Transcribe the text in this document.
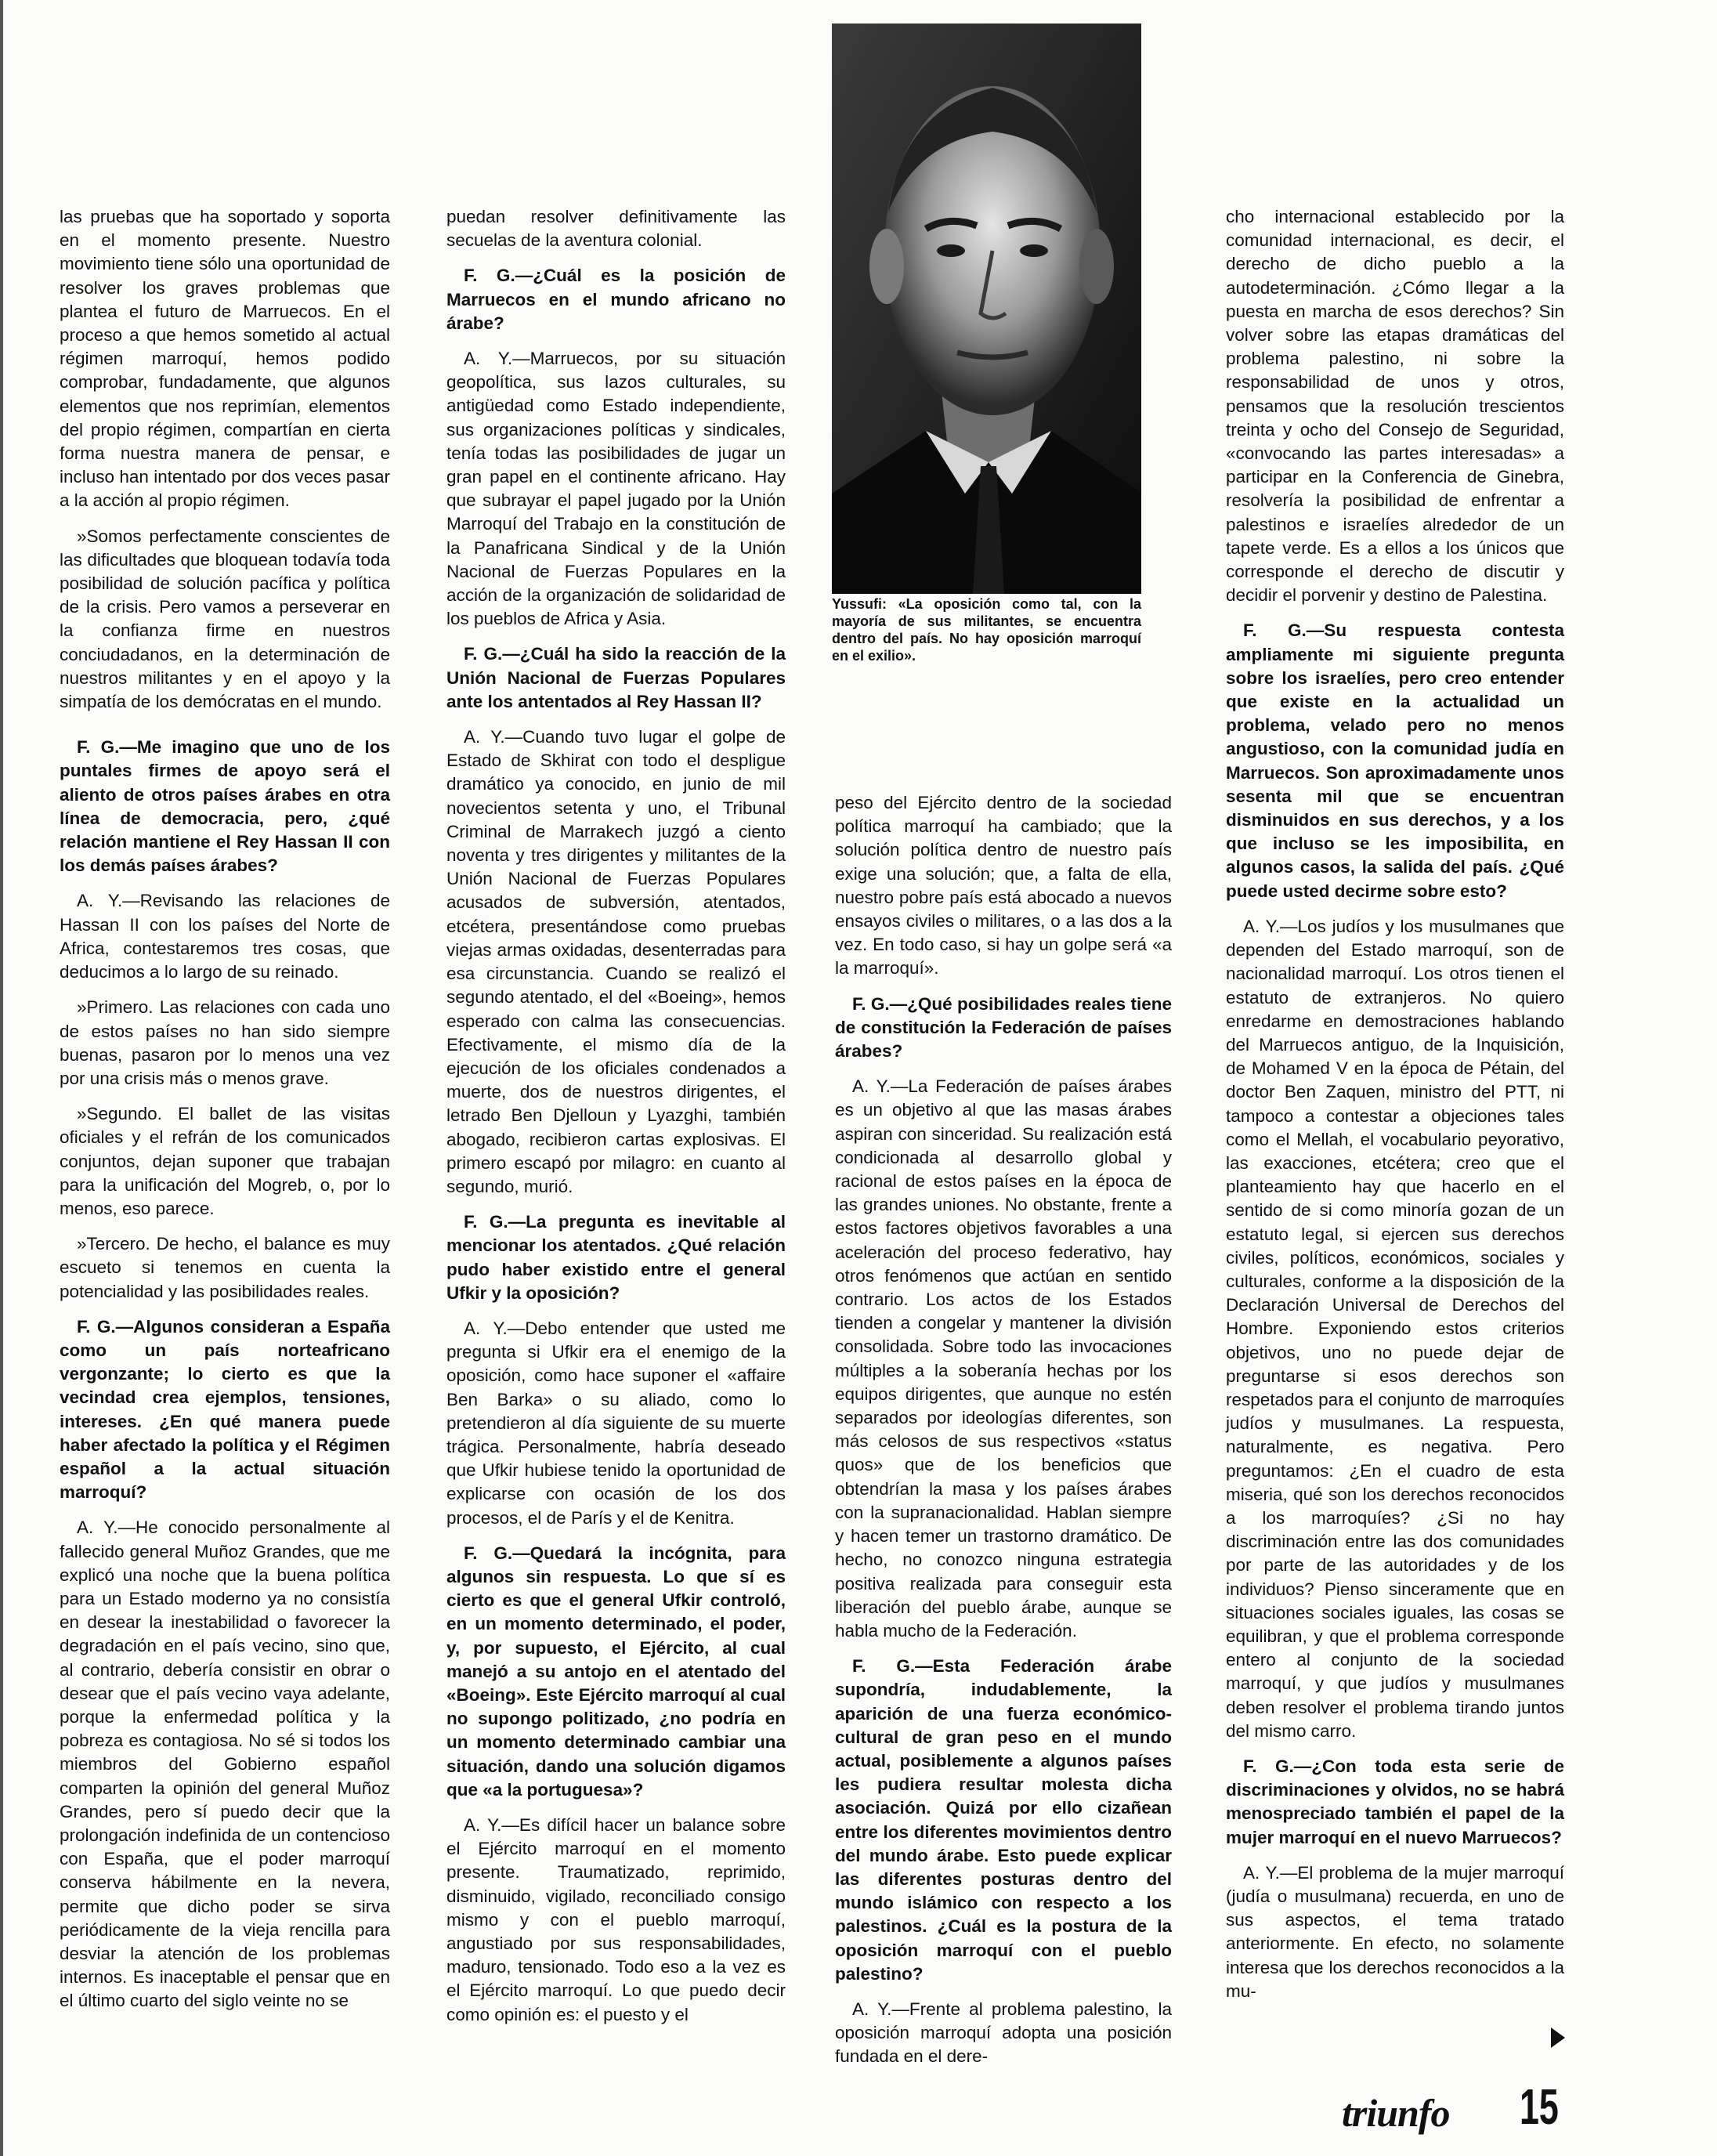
las pruebas que ha soportado y soporta en el momento presente. Nuestro movimiento tiene sólo una oportunidad de resolver los graves problemas que plantea el futuro de Marruecos. En el proceso a que hemos sometido al actual régimen marroquí, hemos podido comprobar, fundadamente, que algunos elementos que nos reprimían, elementos del propio régimen, compartían en cierta forma nuestra manera de pensar, e incluso han intentado por dos veces pasar a la acción al propio régimen.

»Somos perfectamente conscientes de las dificultades que bloquean todavía toda posibilidad de solución pacífica y política de la crisis. Pero vamos a perseverar en la confianza firme en nuestros conciudadanos, en la determinación de nuestros militantes y en el apoyo y la simpatía de los demócratas en el mundo.

F. G.—Me imagino que uno de los puntales firmes de apoyo será el aliento de otros países árabes en otra línea de democracia, pero, ¿qué relación mantiene el Rey Hassan II con los demás países árabes?

A. Y.—Revisando las relaciones de Hassan II con los países del Norte de Africa, contestaremos tres cosas, que deducimos a lo largo de su reinado.

»Primero. Las relaciones con cada uno de estos países no han sido siempre buenas, pasaron por lo menos una vez por una crisis más o menos grave.

»Segundo. El ballet de las visitas oficiales y el refrán de los comunicados conjuntos, dejan suponer que trabajan para la unificación del Mogreb, o, por lo menos, eso parece.

»Tercero. De hecho, el balance es muy escueto si tenemos en cuenta la potencialidad y las posibilidades reales.

F. G.—Algunos consideran a España como un país norteafricano vergonzante; lo cierto es que la vecindad crea ejemplos, tensiones, intereses. ¿En qué manera puede haber afectado la política y el Régimen español a la actual situación marroquí?

A. Y.—He conocido personalmente al fallecido general Muñoz Grandes, que me explicó una noche que la buena política para un Estado moderno ya no consistía en desear la inestabilidad o favorecer la degradación en el país vecino, sino que, al contrario, debería consistir en obrar o desear que el país vecino vaya adelante, porque la enfermedad política y la pobreza es contagiosa. No sé si todos los miembros del Gobierno español comparten la opinión del general Muñoz Grandes, pero sí puedo decir que la prolongación indefinida de un contencioso con España, que el poder marroquí conserva hábilmente en la nevera, permite que dicho poder se sirva periódicamente de la vieja rencilla para desviar la atención de los problemas internos. Es inaceptable el pensar que en el último cuarto del siglo veinte no se

puedan resolver definitivamente las secuelas de la aventura colonial.

F. G.—¿Cuál es la posición de Marruecos en el mundo africano no árabe?

A. Y.—Marruecos, por su situación geopolítica, sus lazos culturales, su antigüedad como Estado independiente, sus organizaciones políticas y sindicales, tenía todas las posibilidades de jugar un gran papel en el continente africano. Hay que subrayar el papel jugado por la Unión Marroquí del Trabajo en la constitución de la Panafricana Sindical y de la Unión Nacional de Fuerzas Populares en la acción de la organización de solidaridad de los pueblos de Africa y Asia.

F. G.—¿Cuál ha sido la reacción de la Unión Nacional de Fuerzas Populares ante los antentados al Rey Hassan II?

A. Y.—Cuando tuvo lugar el golpe de Estado de Skhirat con todo el despligue dramático ya conocido, en junio de mil novecientos setenta y uno, el Tribunal Criminal de Marrakech juzgó a ciento noventa y tres dirigentes y militantes de la Unión Nacional de Fuerzas Populares acusados de subversión, atentados, etcétera, presentándose como pruebas viejas armas oxidadas, desenterradas para esa circunstancia. Cuando se realizó el segundo atentado, el del «Boeing», hemos esperado con calma las consecuencias. Efectivamente, el mismo día de la ejecución de los oficiales condenados a muerte, dos de nuestros dirigentes, el letrado Ben Djelloun y Lyazghi, también abogado, recibieron cartas explosivas. El primero escapó por milagro: en cuanto al segundo, murió.

F. G.—La pregunta es inevitable al mencionar los atentados. ¿Qué relación pudo haber existido entre el general Ufkir y la oposición?

A. Y.—Debo entender que usted me pregunta si Ufkir era el enemigo de la oposición, como hace suponer el «affaire Ben Barka» o su aliado, como lo pretendieron al día siguiente de su muerte trágica. Personalmente, habría deseado que Ufkir hubiese tenido la oportunidad de explicarse con ocasión de los dos procesos, el de París y el de Kenitra.

F. G.—Quedará la incógnita, para algunos sin respuesta. Lo que sí es cierto es que el general Ufkir controló, en un momento determinado, el poder, y, por supuesto, el Ejército, al cual manejó a su antojo en el atentado del «Boeing». Este Ejército marroquí al cual no supongo politizado, ¿no podría en un momento determinado cambiar una situación, dando una solución digamos que «a la portuguesa»?

A. Y.—Es difícil hacer un balance sobre el Ejército marroquí en el momento presente. Traumatizado, reprimido, disminuido, vigilado, reconciliado consigo mismo y con el pueblo marroquí, angustiado por sus responsabilidades, maduro, tensionado. Todo eso a la vez es el Ejército marroquí. Lo que puedo decir como opinión es: el puesto y el

Yussufi: «La oposición como tal, con la mayoría de sus militantes, se encuentra dentro del país. No hay oposición marroquí en el exilio».

peso del Ejército dentro de la sociedad política marroquí ha cambiado; que la solución política dentro de nuestro país exige una solución; que, a falta de ella, nuestro pobre país está abocado a nuevos ensayos civiles o militares, o a las dos a la vez. En todo caso, si hay un golpe será «a la marroquí».

F. G.—¿Qué posibilidades reales tiene de constitución la Federación de países árabes?

A. Y.—La Federación de países árabes es un objetivo al que las masas árabes aspiran con sinceridad. Su realización está condicionada al desarrollo global y racional de estos países en la época de las grandes uniones. No obstante, frente a estos factores objetivos favorables a una aceleración del proceso federativo, hay otros fenómenos que actúan en sentido contrario. Los actos de los Estados tienden a congelar y mantener la división consolidada. Sobre todo las invocaciones múltiples a la soberanía hechas por los equipos dirigentes, que aunque no estén separados por ideologías diferentes, son más celosos de sus respectivos «status quos» que de los beneficios que obtendrían la masa y los países árabes con la supranacionalidad. Hablan siempre y hacen temer un trastorno dramático. De hecho, no conozco ninguna estrategia positiva realizada para conseguir esta liberación del pueblo árabe, aunque se habla mucho de la Federación.

F. G.—Esta Federación árabe supondría, indudablemente, la aparición de una fuerza económico-cultural de gran peso en el mundo actual, posiblemente a algunos países les pudiera resultar molesta dicha asociación. Quizá por ello cizañean entre los diferentes movimientos dentro del mundo árabe. Esto puede explicar las diferentes posturas dentro del mundo islámico con respecto a los palestinos. ¿Cuál es la postura de la oposición marroquí con el pueblo palestino?

A. Y.—Frente al problema palestino, la oposición marroquí adopta una posición fundada en el dere-

cho internacional establecido por la comunidad internacional, es decir, el derecho de dicho pueblo a la autodeterminación. ¿Cómo llegar a la puesta en marcha de esos derechos? Sin volver sobre las etapas dramáticas del problema palestino, ni sobre la responsabilidad de unos y otros, pensamos que la resolución trescientos treinta y ocho del Consejo de Seguridad, «convocando las partes interesadas» a participar en la Conferencia de Ginebra, resolvería la posibilidad de enfrentar a palestinos e israelíes alrededor de un tapete verde. Es a ellos a los únicos que corresponde el derecho de discutir y decidir el porvenir y destino de Palestina.

F. G.—Su respuesta contesta ampliamente mi siguiente pregunta sobre los israelíes, pero creo entender que existe en la actualidad un problema, velado pero no menos angustioso, con la comunidad judía en Marruecos. Son aproximadamente unos sesenta mil que se encuentran disminuidos en sus derechos, y a los que incluso se les imposibilita, en algunos casos, la salida del país. ¿Qué puede usted decirme sobre esto?

A. Y.—Los judíos y los musulmanes que dependen del Estado marroquí, son de nacionalidad marroquí. Los otros tienen el estatuto de extranjeros. No quiero enredarme en demostraciones hablando del Marruecos antiguo, de la Inquisición, de Mohamed V en la época de Pétain, del doctor Ben Zaquen, ministro del PTT, ni tampoco a contestar a objeciones tales como el Mellah, el vocabulario peyorativo, las exacciones, etcétera; creo que el planteamiento hay que hacerlo en el sentido de si como minoría gozan de un estatuto legal, si ejercen sus derechos civiles, políticos, económicos, sociales y culturales, conforme a la disposición de la Declaración Universal de Derechos del Hombre. Exponiendo estos criterios objetivos, uno no puede dejar de preguntarse si esos derechos son respetados para el conjunto de marroquíes judíos y musulmanes. La respuesta, naturalmente, es negativa. Pero preguntamos: ¿En el cuadro de esta miseria, qué son los derechos reconocidos a los marroquíes? ¿Si no hay discriminación entre las dos comunidades por parte de las autoridades y de los individuos? Pienso sinceramente que en situaciones sociales iguales, las cosas se equilibran, y que el problema corresponde entero al conjunto de la sociedad marroquí, y que judíos y musulmanes deben resolver el problema tirando juntos del mismo carro.

F. G.—¿Con toda esta serie de discriminaciones y olvidos, no se habrá menospreciado también el papel de la mujer marroquí en el nuevo Marruecos?

A. Y.—El problema de la mujer marroquí (judía o musulmana) recuerda, en uno de sus aspectos, el tema tratado anteriormente. En efecto, no solamente interesa que los derechos reconocidos a la mu-

triunfo 15
